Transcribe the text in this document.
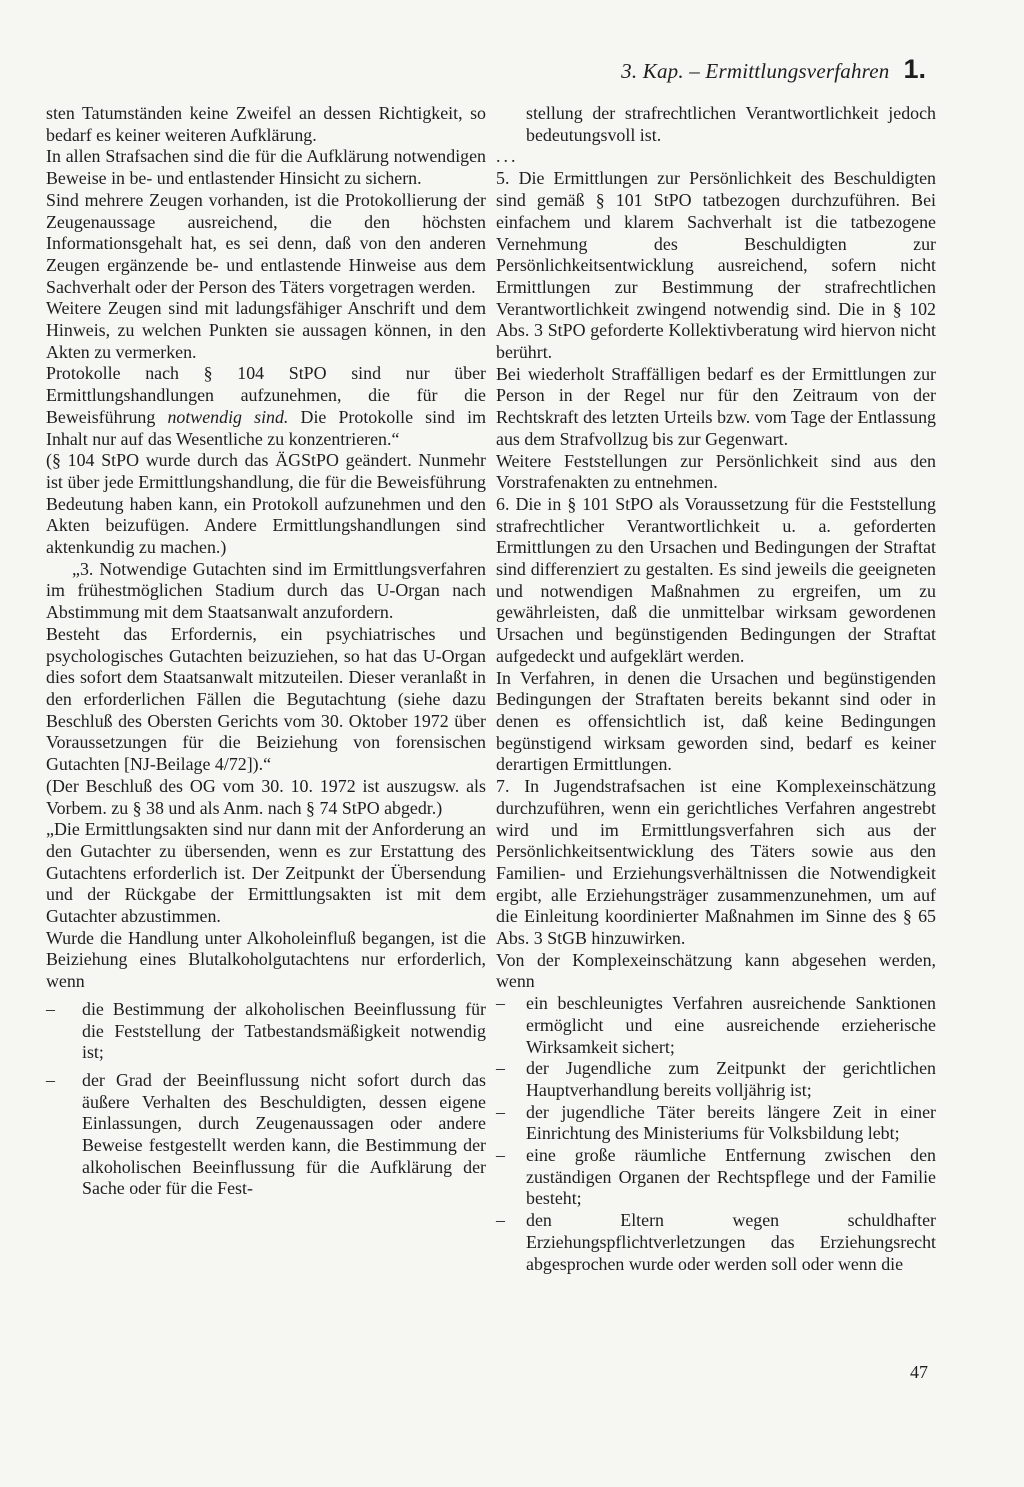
3. Kap. – Ermittlungsverfahren 1.

sten Tatumständen keine Zweifel an dessen Richtigkeit, so bedarf es keiner weiteren Aufklärung.

In allen Strafsachen sind die für die Aufklärung notwendigen Beweise in be- und entlastender Hinsicht zu sichern.

Sind mehrere Zeugen vorhanden, ist die Protokollierung der Zeugenaussage ausreichend, die den höchsten Informationsgehalt hat, es sei denn, daß von den anderen Zeugen ergänzende be- und entlastende Hinweise aus dem Sachverhalt oder der Person des Täters vorgetragen werden.

Weitere Zeugen sind mit ladungsfähiger Anschrift und dem Hinweis, zu welchen Punkten sie aussagen können, in den Akten zu vermerken.

Protokolle nach § 104 StPO sind nur über Ermittlungshandlungen aufzunehmen, die für die Beweisführung notwendig sind. Die Protokolle sind im Inhalt nur auf das Wesentliche zu konzentrieren.“

(§ 104 StPO wurde durch das ÄGStPO geändert. Nunmehr ist über jede Ermittlungshandlung, die für die Beweisführung Bedeutung haben kann, ein Protokoll aufzunehmen und den Akten beizufügen. Andere Ermittlungshandlungen sind aktenkundig zu machen.)

„3. Notwendige Gutachten sind im Ermittlungsverfahren im frühestmöglichen Stadium durch das U-Organ nach Abstimmung mit dem Staatsanwalt anzufordern.

Besteht das Erfordernis, ein psychiatrisches und psychologisches Gutachten beizuziehen, so hat das U-Organ dies sofort dem Staatsanwalt mitzuteilen. Dieser veranlaßt in den erforderlichen Fällen die Begutachtung (siehe dazu Beschluß des Obersten Gerichts vom 30. Oktober 1972 über Voraussetzungen für die Beiziehung von forensischen Gutachten [NJ-Beilage 4/72]).“

(Der Beschluß des OG vom 30. 10. 1972 ist auszugsw. als Vorbem. zu § 38 und als Anm. nach § 74 StPO abgedr.)

„Die Ermittlungsakten sind nur dann mit der Anforderung an den Gutachter zu übersenden, wenn es zur Erstattung des Gutachtens erforderlich ist. Der Zeitpunkt der Übersendung und der Rückgabe der Ermittlungsakten ist mit dem Gutachter abzustimmen.

Wurde die Handlung unter Alkoholeinfluß begangen, ist die Beiziehung eines Blutalkoholgutachtens nur erforderlich, wenn

–	die Bestimmung der alkoholischen Beeinflussung für die Feststellung der Tatbestandsmäßigkeit notwendig ist;
–	der Grad der Beeinflussung nicht sofort durch das äußere Verhalten des Beschuldigten, dessen eigene Einlassungen, durch Zeugenaussagen oder andere Beweise festgestellt werden kann, die Bestimmung der alkoholischen Beeinflussung für die Aufklärung der Sache oder für die Fest-

stellung der strafrechtlichen Verantwortlichkeit jedoch bedeutungsvoll ist.

...

5. Die Ermittlungen zur Persönlichkeit des Beschuldigten sind gemäß § 101 StPO tatbezogen durchzuführen. Bei einfachem und klarem Sachverhalt ist die tatbezogene Vernehmung des Beschuldigten zur Persönlichkeitsentwicklung ausreichend, sofern nicht Ermittlungen zur Bestimmung der strafrechtlichen Verantwortlichkeit zwingend notwendig sind. Die in § 102 Abs. 3 StPO geforderte Kollektivberatung wird hiervon nicht berührt.

Bei wiederholt Straffälligen bedarf es der Ermittlungen zur Person in der Regel nur für den Zeitraum von der Rechtskraft des letzten Urteils bzw. vom Tage der Entlassung aus dem Strafvollzug bis zur Gegenwart.

Weitere Feststellungen zur Persönlichkeit sind aus den Vorstrafenakten zu entnehmen.

6. Die in § 101 StPO als Voraussetzung für die Feststellung strafrechtlicher Verantwortlichkeit u. a. geforderten Ermittlungen zu den Ursachen und Bedingungen der Straftat sind differenziert zu gestalten. Es sind jeweils die geeigneten und notwendigen Maßnahmen zu ergreifen, um zu gewährleisten, daß die unmittelbar wirksam gewordenen Ursachen und begünstigenden Bedingungen der Straftat aufgedeckt und aufgeklärt werden.

In Verfahren, in denen die Ursachen und begünstigenden Bedingungen der Straftaten bereits bekannt sind oder in denen es offensichtlich ist, daß keine Bedingungen begünstigend wirksam geworden sind, bedarf es keiner derartigen Ermittlungen.

7. In Jugendstrafsachen ist eine Komplexeinschätzung durchzuführen, wenn ein gerichtliches Verfahren angestrebt wird und im Ermittlungsverfahren sich aus der Persönlichkeitsentwicklung des Täters sowie aus den Familien- und Erziehungsverhältnissen die Notwendigkeit ergibt, alle Erziehungsträger zusammenzunehmen, um auf die Einleitung koordinierter Maßnahmen im Sinne des § 65 Abs. 3 StGB hinzuwirken.

Von der Komplexeinschätzung kann abgesehen werden, wenn

–	ein beschleunigtes Verfahren ausreichende Sanktionen ermöglicht und eine ausreichende erzieherische Wirksamkeit sichert;
–	der Jugendliche zum Zeitpunkt der gerichtlichen Hauptverhandlung bereits volljährig ist;
–	der jugendliche Täter bereits längere Zeit in einer Einrichtung des Ministeriums für Volksbildung lebt;
–	eine große räumliche Entfernung zwischen den zuständigen Organen der Rechtspflege und der Familie besteht;
–	den Eltern wegen schuldhafter Erziehungspflichtverletzungen das Erziehungsrecht abgesprochen wurde oder werden soll oder wenn die
47
